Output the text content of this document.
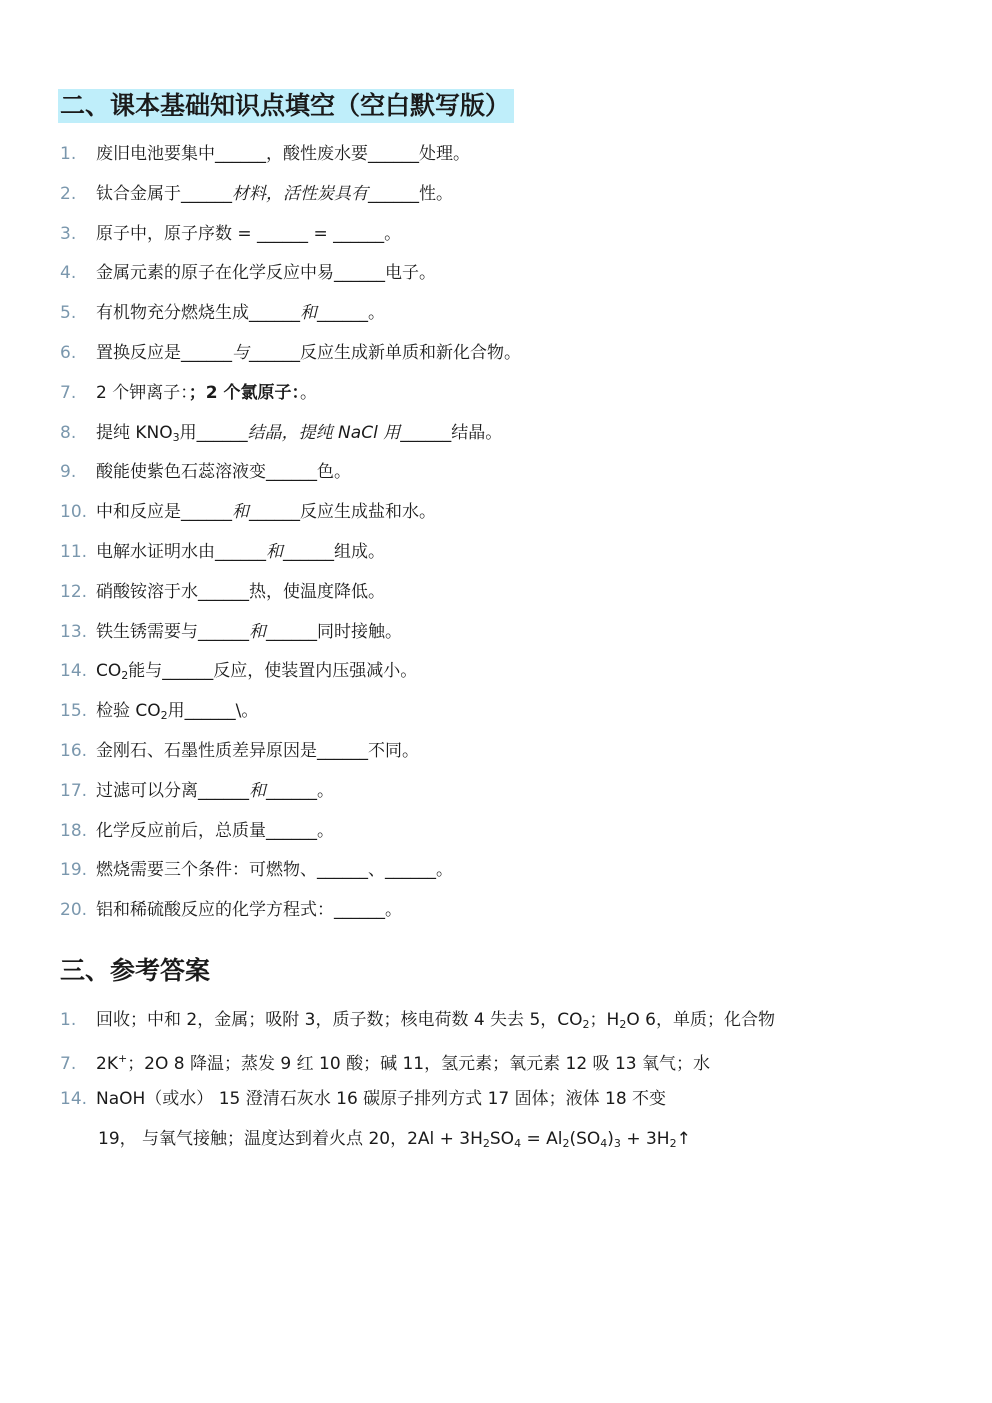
二、课本基础知识点填空（空白默写版）
1. 废旧电池要集中______，酸性废水要______处理。
2. 钛合金属于______材料，活性炭具有______性。
3. 原子中，原子序数 = ______ = ______。
4. 金属元素的原子在化学反应中易______电子。
5. 有机物充分燃烧生成______和______。
6. 置换反应是______与______反应生成新单质和新化合物。
7. 2 个钾离子：；2 个氯原子：。
8. 提纯 $KNO_3$用______结晶，提纯 NaCl 用______结晶。
9. 酸能使紫色石蕊溶液变______色。
10. 中和反应是______和______反应生成盐和水。
11. 电解水证明水由______和______组成。
12. 硝酸铵溶于水______热，使温度降低。
13. 铁生锈需要与______和______同时接触。
14. $CO_2$能与______反应，使装置内压强减小。
15. 检验 $CO_2$用______\。
16. 金刚石、石墨性质差异原因是______不同。
17. 过滤可以分离______和______。
18. 化学反应前后，总质量______。
19. 燃烧需要三个条件：可燃物、______、______。
20. 铝和稀硫酸反应的化学方程式：______。
三、参考答案
1. 回收；中和 2，金属；吸附 3，质子数；核电荷数 4 失去 5，$CO_2$；$H_2O$ 6，单质；化合物
7. 2K+；2O 8 降温；蒸发 9 红 10 酸；碱 11，氢元素；氧元素 12 吸 13 氧气；水
14. NaOH（或水） 15 澄清石灰水 16 碳原子排列方式 17 固体；液体 18 不变
19， 与氧气接触；温度达到着火点 20，$2Al + 3H_2SO_4 = Al_2(SO_4)_3$ + $3H_2↑$
